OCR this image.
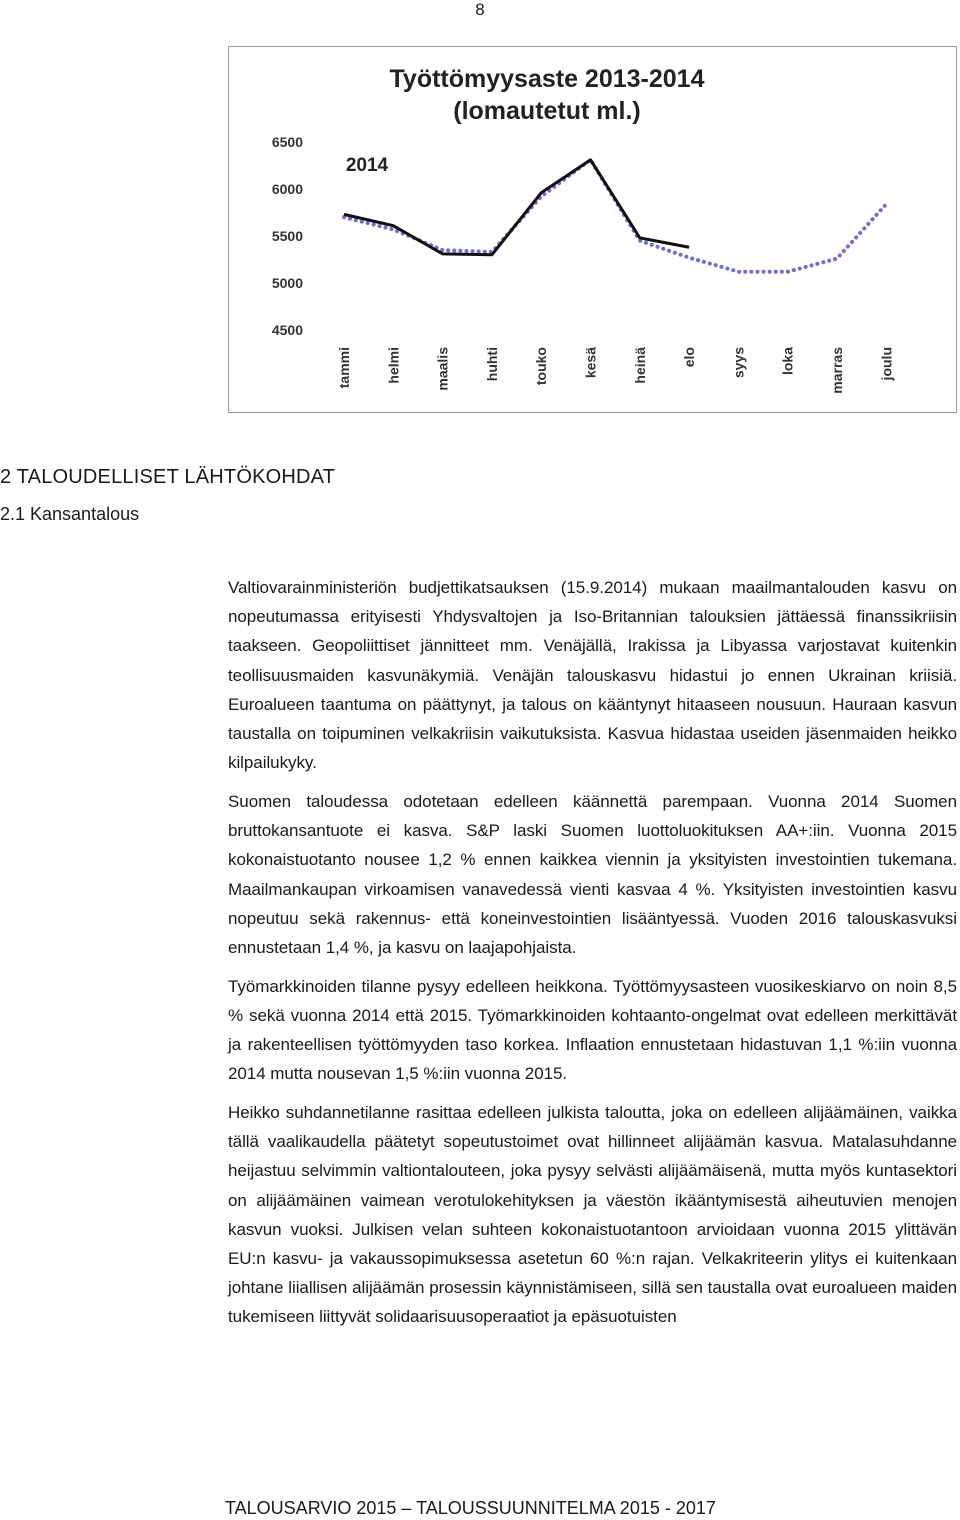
8
Työttömyysaste 2013-2014
(lomautetut ml.)
2014
4500
5000
5500
6000
6500
tammi helmi maalis huhti touko kesä heinä elo syys loka marras joulu
2 TALOUDELLISET LÄHTÖKOHDAT
2.1 Kansantalous

Valtiovarainministeriön budjettikatsauksen (15.9.2014) mukaan maailmantalouden kasvu on nopeutumassa erityisesti Yhdysvaltojen ja Iso-Britannian talouksien jättäessä finanssikriisin taakseen. Geopoliittiset jännitteet mm. Venäjällä, Irakissa ja Libyassa varjostavat kuitenkin teollisuusmaiden kasvunäkymiä. Venäjän talouskasvu hidastui jo ennen Ukrainan kriisiä. Euroalueen taantuma on päättynyt, ja talous on kääntynyt hitaaseen nousuun. Hauraan kasvun taustalla on toipuminen velkakriisin vaikutuksista. Kasvua hidastaa useiden jäsenmaiden heikko kilpailukyky.

Suomen taloudessa odotetaan edelleen käännettä parempaan. Vuonna 2014 Suomen bruttokansantuote ei kasva. S&P laski Suomen luottoluokituksen AA+:iin. Vuonna 2015 kokonaistuotanto nousee 1,2 % ennen kaikkea viennin ja yksityisten investointien tukemana. Maailmankaupan virkoamisen vanavedessä vienti kasvaa 4 %. Yksityisten investointien kasvu nopeutuu sekä rakennus- että koneinvestointien lisääntyessä. Vuoden 2016 talouskasvuksi ennustetaan 1,4 %, ja kasvu on laajapohjaista.

Työmarkkinoiden tilanne pysyy edelleen heikkona. Työttömyysasteen vuosikeskiarvo on noin 8,5 % sekä vuonna 2014 että 2015. Työmarkkinoiden kohtaanto-ongelmat ovat edelleen merkittävät ja rakenteellisen työttömyyden taso korkea. Inflaation ennustetaan hidastuvan 1,1 %:iin vuonna 2014 mutta nousevan 1,5 %:iin vuonna 2015.

Heikko suhdannetilanne rasittaa edelleen julkista taloutta, joka on edelleen alijäämäinen, vaikka tällä vaalikaudella päätetyt sopeutustoimet ovat hillinneet alijäämän kasvua. Matalasuhdanne heijastuu selvimmin valtiontalouteen, joka pysyy selvästi alijäämäisenä, mutta myös kuntasektori on alijäämäinen vaimean verotulokehityksen ja väestön ikääntymisestä aiheutuvien menojen kasvun vuoksi. Julkisen velan suhteen kokonaistuotantoon arvioidaan vuonna 2015 ylittävän EU:n kasvu- ja vakaussopimuksessa asetetun 60 %:n rajan. Velkakriteerin ylitys ei kuitenkaan johtane liiallisen alijäämän prosessin käynnistämiseen, sillä sen taustalla ovat euroalueen maiden tukemiseen liittyvät solidaarisuusoperaatiot ja epäsuotuisten

TALOUSARVIO 2015 – TALOUSSUUNNITELMA 2015 - 2017
